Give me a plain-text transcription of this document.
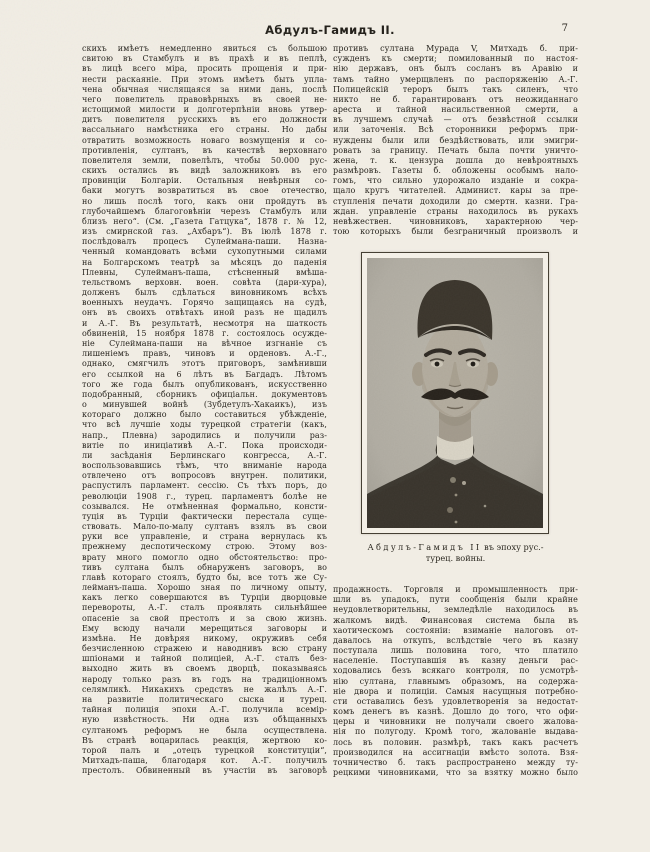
Абдулъ-Гамидъ II.	7
скихъ имѣетъ немедленно явиться съ большою
свитою въ Стамбулъ и въ прахѣ и въ пеплѣ,
въ лицѣ всего міра, просить прощенія и при-
нести раскаяніе. При этомъ имѣетъ быть упла-
чена обычная числящаяся за ними дань, послѣ
чего повелитель правовѣрныхъ въ своей не-
истощимой милости и долготерпѣніи вновь утвер-
дитъ повелителя русскихъ въ его должности
вассальнаго намѣстника его страны. Но дабы
отвратить возможность новаго возмущенія и со-
противленія, султанъ, въ качествѣ верховнаго
повелителя земли, повелѣлъ, чтобы 50.000 рус-
скихъ остались въ видѣ заложниковъ въ его
провинціи Болгаріи. Остальныя невѣрныя со-
баки могутъ возвратиться въ свое отечество,
но лишь послѣ того, какъ они пройдутъ въ
глубочайшемъ благоговѣніи черезъ Стамбулъ или
близъ него“. (См. „Газета Гатцука“, 1878 г. № 12,
изъ смирнской газ. „Ахбаръ“). Въ іюлѣ 1878 г.
послѣдовалъ процесъ Сулеймана-паши. Назна-
ченный командовать всѣми сухопутными силами
на Болгарскомъ театрѣ за мѣсяцъ до паденія
Плевны, Сулейманъ-паша, стѣсненный вмѣша-
тельствомъ верховн. воен. совѣта (дари-хура),
долженъ былъ сдѣлаться виновникомъ всѣхъ
военныхъ неудачъ. Горячо защищаясь на судѣ,
онъ въ своихъ отвѣтахъ иной разъ не щадилъ
и А.-Г. Въ результатѣ, несмотря на шаткость
обвиненій, 15 ноября 1878 г. состоялось осужде-
ніе Сулеймана-паши на вѣчное изгнаніе съ
лишеніемъ правъ, чиновъ и орденовъ. А.-Г.,
однако, смягчилъ этотъ приговоръ, замѣнивши
его ссылкой на 6 лѣтъ въ Багдадъ. Лѣтомъ
того же года былъ опубликованъ, искусственно
подобранный, сборникъ офиціальн. документовъ
о минувшей войнѣ (Зубдетулъ-Хакаикъ), изъ
котораго должно было составиться убѣжденіе,
что всѣ лучшіе ходы турецкой стратегіи (какъ,
напр., Плевна) зародились и получили раз-
витіе по иниціативѣ А.-Г. Пока происходи-
ли засѣданія Берлинскаго конгресса, А.-Г.
воспользовавшись тѣмъ, что вниманіе народа
отвлечено отъ вопросовъ внутрен. политики,
распустилъ парламент. сессію. Съ тѣхъ поръ, до
революціи 1908 г., турец. парламентъ болѣе не
созывался. Не отмѣненная формально, консти-
туція въ Турціи фактически перестала суще-
ствовать. Мало-по-малу султанъ взялъ въ свои
руки все управленіе, и страна вернулась къ
прежнему деспотическому строю. Этому воз-
врату много помогло одно обстоятельство: про-
тивъ султана былъ обнаруженъ заговоръ, во
главѣ котораго стоялъ, будто бы, все тотъ же Су-
лейманъ-паша. Хорошо зная по личному опыту,
какъ легко совершаются въ Турціи дворцовые
перевороты, А.-Г. сталъ проявлять сильнѣйшее
опасеніе за свой престолъ и за свою жизнь.
Ему всюду начали мерещиться заговоры и
измѣна. Не довѣряя никому, окруживъ себя
безчисленною стражею и наводнивъ всю страну
шпіонами и тайной полиціей, А.-Г. сталъ без-
выходно жить въ своемъ дворцѣ, показываясь
народу только разъ въ годъ на традиціонномъ
селямликѣ. Никакихъ средствъ не жалѣлъ А.-Г.
на развитіе политическаго сыска и турец.
тайная полиція эпохи А.-Г. получила всемір-
ную извѣстность. Ни одна изъ обѣщанныхъ
султаномъ реформъ не была осуществлена.
Въ странѣ воцарилась реакція, жертвою ко-
торой палъ и „отецъ турецкой конституціи“,
Митхадъ-паша, благодаря кот. А.-Г. получилъ
престолъ. Обвиненный въ участіи въ заговорѣ
противъ султана Мурада V, Митхадъ б. при-
сужденъ къ смерти; помилованный по настоя-
нію державъ, онъ былъ сосланъ въ Аравію и
тамъ тайно умерщвленъ по распоряженію А.-Г.
Полицейскій тероръ былъ такъ силенъ, что
никто не б. гарантированъ отъ неожиданнаго
ареста и тайной насильственной смерти, а
въ лучшемъ случаѣ — отъ безвѣстной ссылки
или заточенія. Всѣ сторонники реформъ при-
нуждены были или бездѣйствовать, или эмигри-
ровать за границу. Печать была почти уничто-
жена, т. к. цензура дошла до невѣроятныхъ
размѣровъ. Газеты б. обложены особымъ нало-
гомъ, что сильно удорожало изданіе и сокра-
щало кругъ читателей. Админист. кары за пре-
ступленія печати доходили до смертн. казни. Гра-
ждан. управленіе страны находилось въ рукахъ
невѣжествен. чиновниковъ, характерною чер-
тою которыхъ были безграничный произволъ и
Абдулъ-Гамидъ II въ эпоху рус.-
турец. войны.
продажность. Торговля и промышленность при-
шли въ упадокъ, пути сообщенія были крайне
неудовлетворительны, земледѣліе находилось въ
жалкомъ видѣ. Финансовая система была въ
хаотическомъ состояніи: взиманіе налоговъ от-
давалось на откупъ, вслѣдствіе чего въ казну
поступала лишь половина того, что платило
населеніе. Поступавшія въ казну деньги рас-
ходовались безъ всякаго контроля, по усмотрѣ-
нію султана, главнымъ образомъ, на содержа-
ніе двора и полиціи. Самыя насущныя потребно-
сти оставались безъ удовлетворенія за недостат-
комъ денегъ въ казнѣ. Дошло до того, что офи-
церы и чиновники не получали своего жалова-
нія по полугоду. Кромѣ того, жалованіе выдава-
лось въ половин. размѣрѣ, такъ какъ расчетъ
производился на ассигнаціи вмѣсто золота. Взя-
точничество б. такъ распространено между ту-
рецкими чиновниками, что за взятку можно было
